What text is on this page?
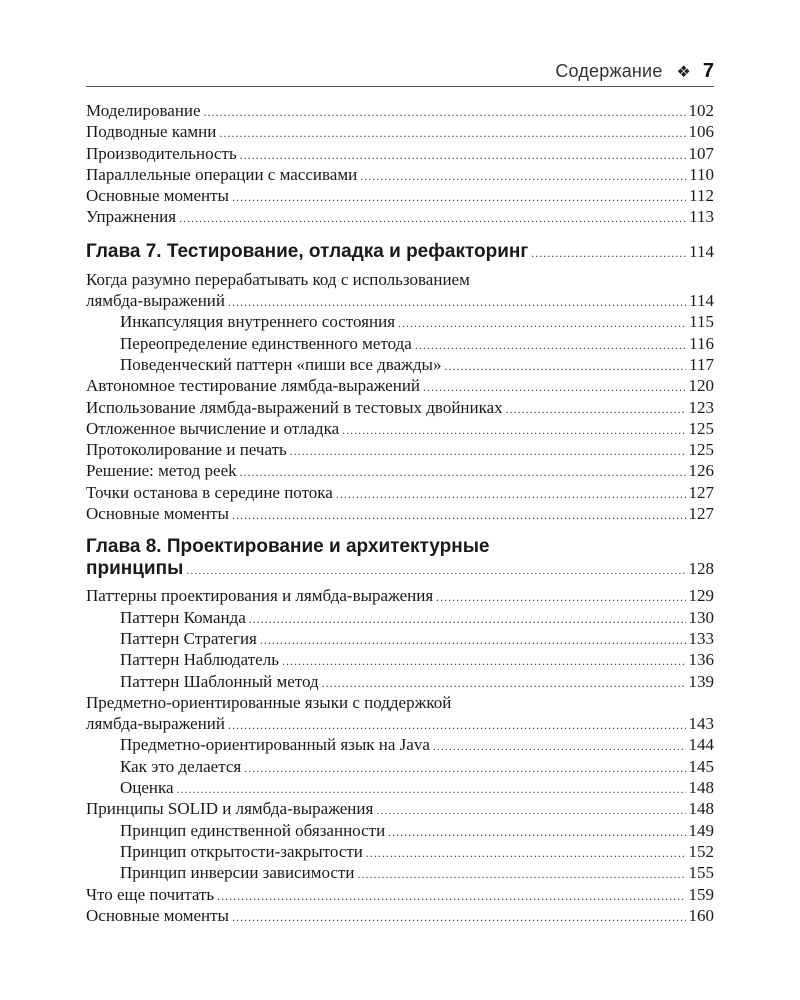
Содержание ❖ 7
Моделирование .....	102
Подводные камни .....	106
Производительность .....	107
Параллельные операции с массивами .....	110
Основные моменты .....	112
Упражнения .....	113
Глава 7. Тестирование, отладка и рефакторинг .....	114
Когда разумно перерабатывать код с использованием
лямбда-выражений .....	114
Инкапсуляция внутреннего состояния .....	115
Переопределение единственного метода .....	116
Поведенческий паттерн «пиши все дважды» .....	117
Автономное тестирование лямбда-выражений .....	120
Использование лямбда-выражений в тестовых двойниках .....	123
Отложенное вычисление и отладка .....	125
Протоколирование и печать .....	125
Решение: метод peek .....	126
Точки останова в середине потока .....	127
Основные моменты .....	127
Глава 8. Проектирование и архитектурные
принципы .....	128
Паттерны проектирования и лямбда-выражения .....	129
Паттерн Команда .....	130
Паттерн Стратегия .....	133
Паттерн Наблюдатель .....	136
Паттерн Шаблонный метод .....	139
Предметно-ориентированные языки с поддержкой
лямбда-выражений .....	143
Предметно-ориентированный язык на Java .....	144
Как это делается .....	145
Оценка .....	148
Принципы SOLID и лямбда-выражения .....	148
Принцип единственной обязанности .....	149
Принцип открытости-закрытости .....	152
Принцип инверсии зависимости .....	155
Что еще почитать .....	159
Основные моменты .....	160
